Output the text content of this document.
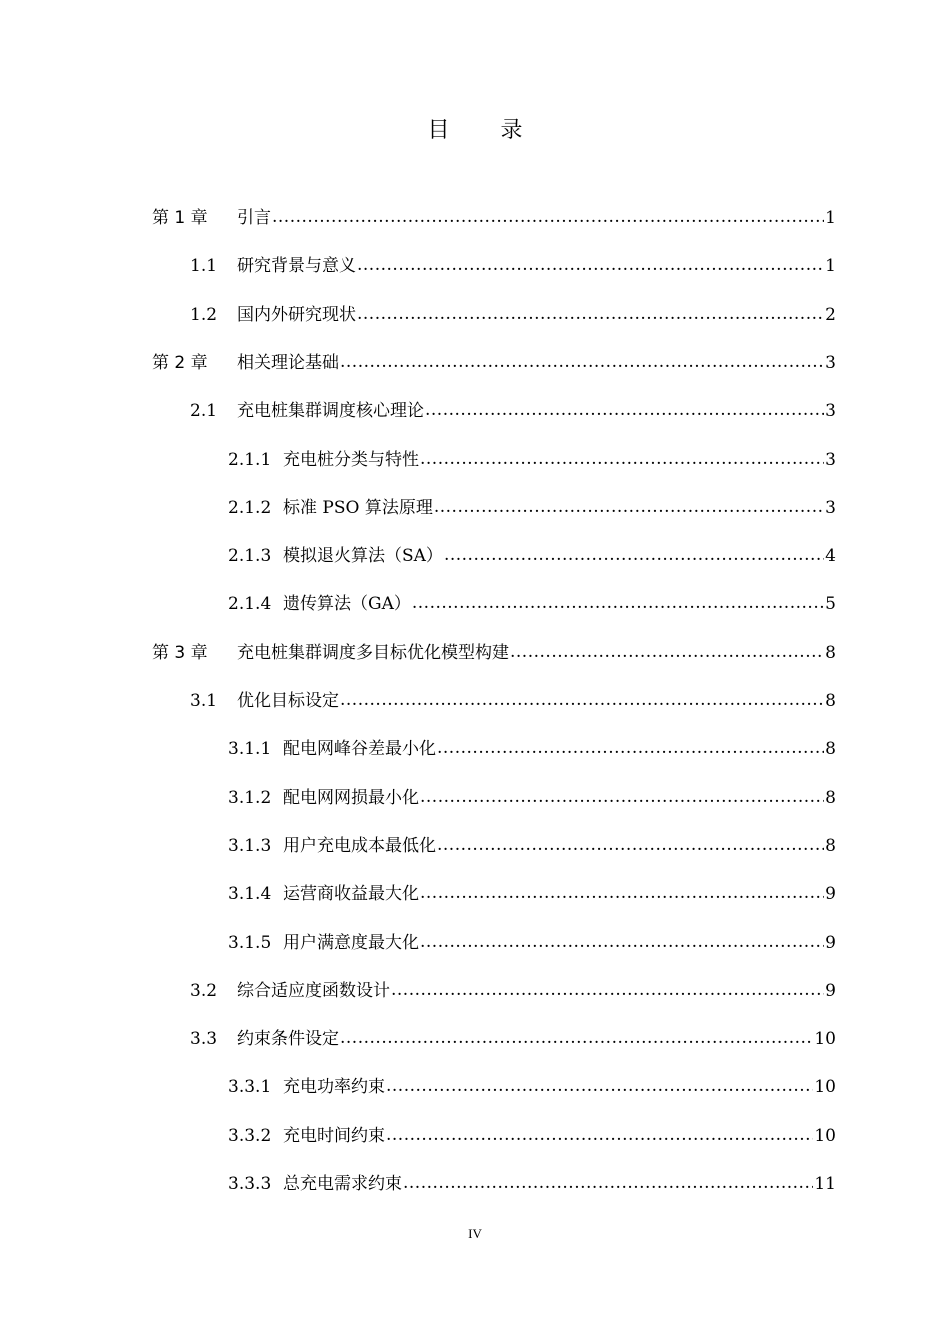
目 录
第 1 章	引言 .....	1
1.1	研究背景与意义 .....	1
1.2	国内外研究现状 .....	2
第 2 章	相关理论基础 .....	3
2.1	充电桩集群调度核心理论 .....	3
2.1.1 充电桩分类与特性 .....	3
2.1.2 标准 PSO 算法原理 .....	3
2.1.3 模拟退火算法（SA） .....	4
2.1.4 遗传算法（GA） .....	5
第 3 章	充电桩集群调度多目标优化模型构建 .....	8
3.1	优化目标设定 .....	8
3.1.1 配电网峰谷差最小化 .....	8
3.1.2 配电网网损最小化 .....	8
3.1.3 用户充电成本最低化 .....	8
3.1.4 运营商收益最大化 .....	9
3.1.5 用户满意度最大化 .....	9
3.2	综合适应度函数设计 .....	9
3.3	约束条件设定 .....	10
3.3.1 充电功率约束 .....	10
3.3.2 充电时间约束 .....	10
3.3.3 总充电需求约束 .....	11
IV
